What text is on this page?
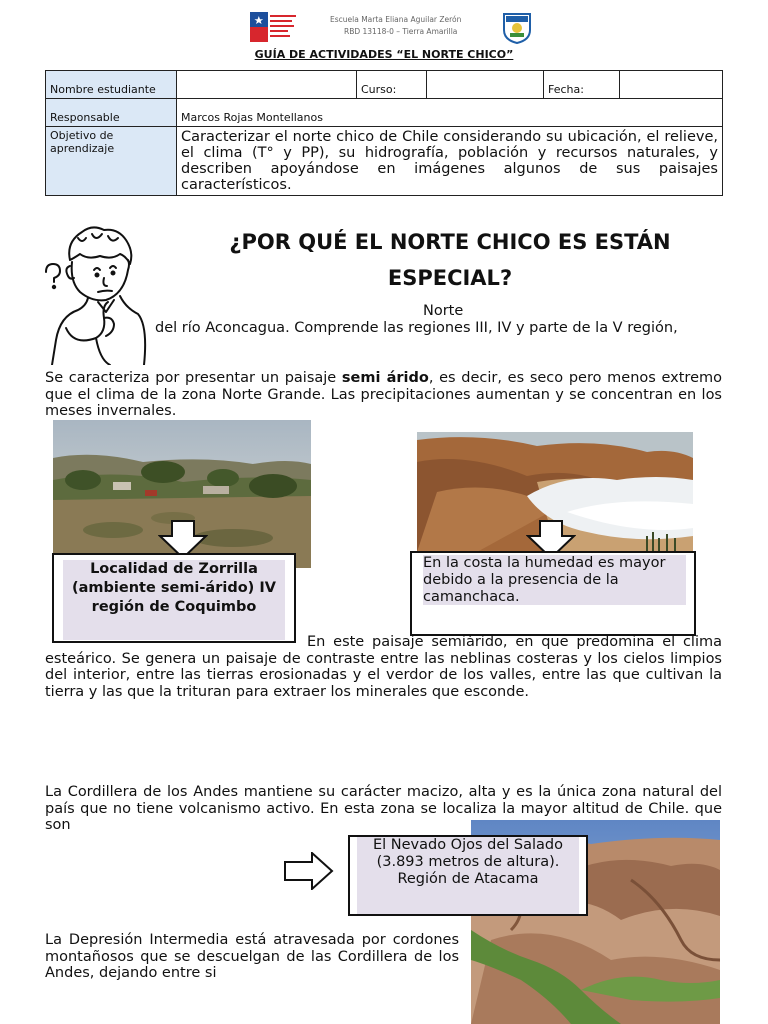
Escuela Marta Eliana Aguilar Zerón
RBD 13118-0 – Tierra Amarilla
GUÍA DE ACTIVIDADES “EL NORTE CHICO”
Nombre estudiante		Curso:		Fecha:	
Responsable	Marcos Rojas Montellanos				
Objetivo de aprendizaje	Caracterizar el norte chico de Chile considerando su ubicación, el relieve, el clima (T° y PP), su hidrografía, población y recursos naturales, y describen apoyándose en imágenes algunos de sus paisajes característicos.				
¿POR QUÉ EL NORTE CHICO ES ESTÁN ESPECIAL?
Norte
del río Aconcagua. Comprende las regiones III, IV y parte de la V región,
Se caracteriza por presentar un paisaje semi árido, es decir, es seco pero menos extremo que el clima de la zona Norte Grande. Las precipitaciones aumentan y se concentran en los meses invernales.
Localidad de Zorrilla (ambiente semi-árido) IV región de Coquimbo
En la costa la humedad es mayor debido a la presencia de la camanchaca.
En este paisaje semiárido, en que predomina el clima esteárico. Se genera un paisaje de contraste entre las neblinas costeras y los cielos limpios del interior, entre las tierras erosionadas y el verdor de los valles, entre las que cultivan la tierra y las que la trituran para extraer los minerales que esconde.
La Cordillera de los Andes mantiene su carácter macizo, alta y es la única zona natural del país que no tiene volcanismo activo. En esta zona se localiza la mayor altitud de Chile. que son
El Nevado Ojos del Salado (3.893 metros de altura). Región de Atacama
La Depresión Intermedia está atravesada por cordones montañosos que se descuelgan de las Cordillera de los Andes, dejando entre si
